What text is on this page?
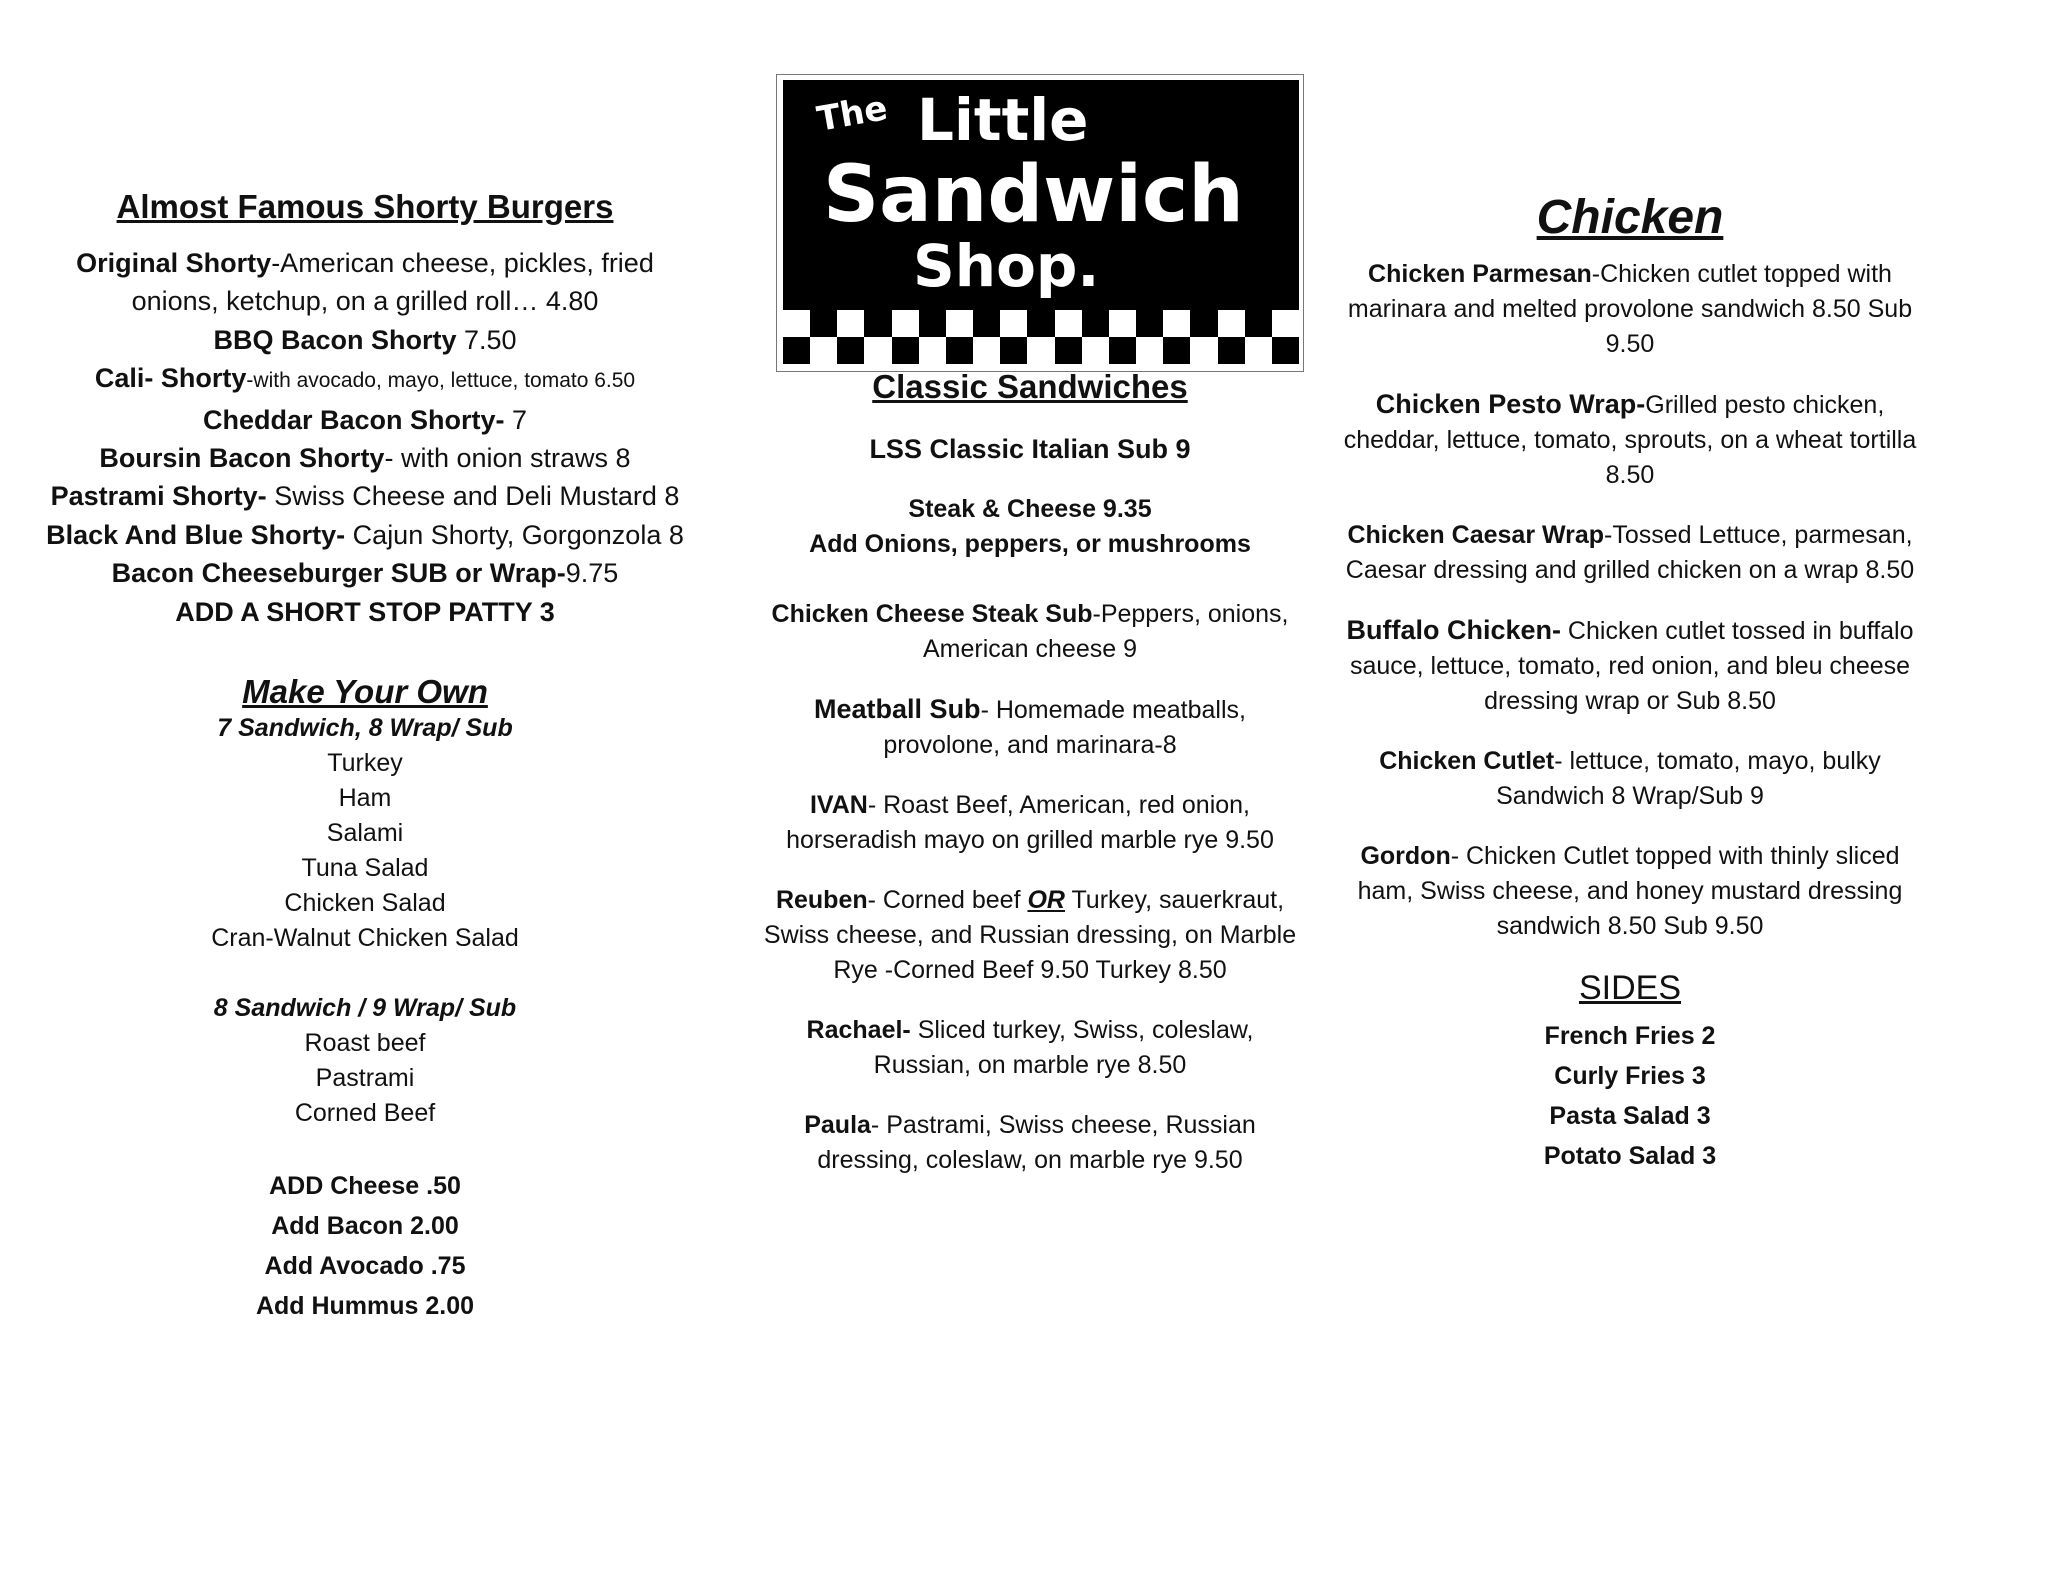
The Little
Sandwich
Shop.
Almost Famous Shorty Burgers
Original Shorty-American cheese, pickles, fried
onions, ketchup, on a grilled roll… 4.80
BBQ Bacon Shorty 7.50
Cali- Shorty-with avocado, mayo, lettuce, tomato 6.50
Cheddar Bacon Shorty- 7
Boursin Bacon Shorty- with onion straws 8
Pastrami Shorty- Swiss Cheese and Deli Mustard 8
Black And Blue Shorty- Cajun Shorty, Gorgonzola 8
Bacon Cheeseburger SUB or Wrap-9.75
ADD A SHORT STOP PATTY 3
Make Your Own
7 Sandwich, 8 Wrap/ Sub
Turkey
Ham
Salami
Tuna Salad
Chicken Salad
Cran-Walnut Chicken Salad
8 Sandwich / 9 Wrap/ Sub
Roast beef
Pastrami
Corned Beef
ADD Cheese .50
Add Bacon 2.00
Add Avocado .75
Add Hummus 2.00
Classic Sandwiches
LSS Classic Italian Sub 9
Steak & Cheese 9.35
Add Onions, peppers, or mushrooms
Chicken Cheese Steak Sub-Peppers, onions, American cheese 9
Meatball Sub- Homemade meatballs, provolone, and marinara-8
IVAN- Roast Beef, American, red onion, horseradish mayo on grilled marble rye 9.50
Reuben- Corned beef OR Turkey, sauerkraut, Swiss cheese, and Russian dressing, on Marble Rye -Corned Beef 9.50 Turkey 8.50
Rachael- Sliced turkey, Swiss, coleslaw, Russian, on marble rye 8.50
Paula- Pastrami, Swiss cheese, Russian dressing, coleslaw, on marble rye 9.50
Chicken
Chicken Parmesan-Chicken cutlet topped with marinara and melted provolone sandwich 8.50 Sub 9.50
Chicken Pesto Wrap-Grilled pesto chicken, cheddar, lettuce, tomato, sprouts, on a wheat tortilla 8.50
Chicken Caesar Wrap-Tossed Lettuce, parmesan, Caesar dressing and grilled chicken on a wrap 8.50
Buffalo Chicken- Chicken cutlet tossed in buffalo sauce, lettuce, tomato, red onion, and bleu cheese dressing wrap or Sub 8.50
Chicken Cutlet- lettuce, tomato, mayo, bulky Sandwich 8 Wrap/Sub 9
Gordon- Chicken Cutlet topped with thinly sliced ham, Swiss cheese, and honey mustard dressing sandwich 8.50 Sub 9.50
SIDES
French Fries 2
Curly Fries 3
Pasta Salad 3
Potato Salad 3
